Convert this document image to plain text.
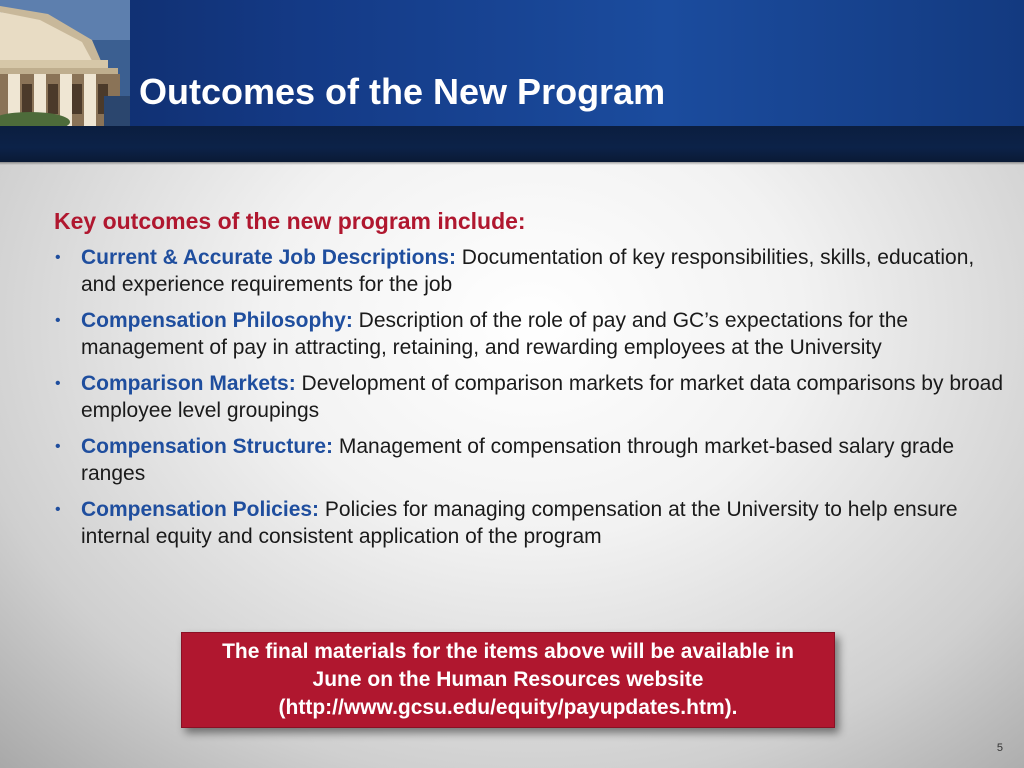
Outcomes of the New Program

Key outcomes of the new program include:

• Current & Accurate Job Descriptions: Documentation of key responsibilities, skills, education, and experience requirements for the job
• Compensation Philosophy: Description of the role of pay and GC’s expectations for the management of pay in attracting, retaining, and rewarding employees at the University
• Comparison Markets: Development of comparison markets for market data comparisons by broad employee level groupings
• Compensation Structure: Management of compensation through market-based salary grade ranges
• Compensation Policies: Policies for managing compensation at the University to help ensure internal equity and consistent application of the program

The final materials for the items above will be available in June on the Human Resources website (http://www.gcsu.edu/equity/payupdates.htm).

5
